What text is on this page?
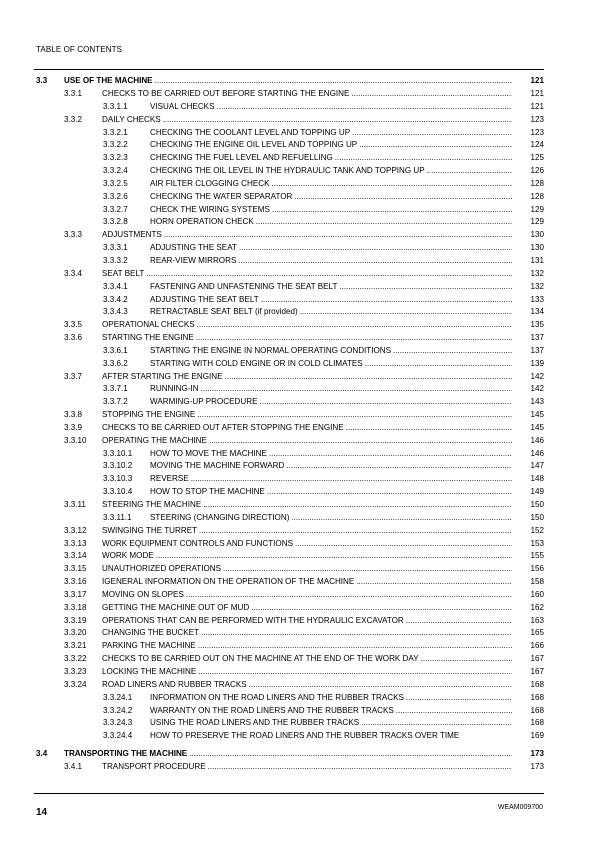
TABLE OF CONTENTS
3.3 USE OF THE MACHINE .....	121
3.3.1 CHECKS TO BE CARRIED OUT BEFORE STARTING THE ENGINE .....	121
3.3.1.1	VISUAL CHECKS .....	121
3.3.2 DAILY CHECKS .....	123
3.3.2.1	CHECKING THE COOLANT LEVEL AND TOPPING UP .....	123
3.3.2.2	CHECKING THE ENGINE OIL LEVEL AND TOPPING UP .....	124
3.3.2.3	CHECKING THE FUEL LEVEL AND REFUELLING .....	125
3.3.2.4	CHECKING THE OIL LEVEL IN THE HYDRAULIC TANK AND TOPPING UP .....	126
3.3.2.5	AIR FILTER CLOGGING CHECK .....	128
3.3.2.6	CHECKING THE WATER SEPARATOR .....	128
3.3.2.7	CHECK THE WIRING SYSTEMS .....	129
3.3.2.8	HORN OPERATION CHECK .....	129
3.3.3 ADJUSTMENTS .....	130
3.3.3.1	ADJUSTING THE SEAT .....	130
3.3.3.2	REAR-VIEW MIRRORS .....	131
3.3.4 SEAT BELT .....	132
3.3.4.1	FASTENING AND UNFASTENING THE SEAT BELT .....	132
3.3.4.2	ADJUSTING THE SEAT BELT .....	133
3.3.4.3	RETRACTABLE SEAT BELT (if provided) .....	134
3.3.5 OPERATIONAL CHECKS .....	135
3.3.6 STARTING THE ENGINE .....	137
3.3.6.1	STARTING THE ENGINE IN NORMAL OPERATING CONDITIONS .....	137
3.3.6.2	STARTING WITH COLD ENGINE OR IN COLD CLIMATES .....	139
3.3.7 AFTER STARTING THE ENGINE .....	142
3.3.7.1	RUNNING-IN .....	142
3.3.7.2	WARMING-UP PROCEDURE .....	143
3.3.8 STOPPING THE ENGINE .....	145
3.3.9 CHECKS TO BE CARRIED OUT AFTER STOPPING THE ENGINE .....	145
3.3.10 OPERATING THE MACHINE .....	146
3.3.10.1 HOW TO MOVE THE MACHINE .....	146
3.3.10.2 MOVING THE MACHINE FORWARD .....	147
3.3.10.3 REVERSE .....	148
3.3.10.4 HOW TO STOP THE MACHINE .....	149
3.3.11 STEERING THE MACHINE .....	150
3.3.11.1 STEERING (CHANGING DIRECTION) .....	150
3.3.12 SWINGING THE TURRET .....	152
3.3.13 WORK EQUIPMENT CONTROLS AND FUNCTIONS .....	153
3.3.14 WORK MODE .....	155
3.3.15 UNAUTHORIZED OPERATIONS .....	156
3.3.16 IGENERAL INFORMATION ON THE OPERATION OF THE MACHINE .....	158
3.3.17 MOVING ON SLOPES .....	160
3.3.18 GETTING THE MACHINE OUT OF MUD .....	162
3.3.19 OPERATIONS THAT CAN BE PERFORMED WITH THE HYDRAULIC EXCAVATOR .....	163
3.3.20 CHANGING THE BUCKET .....	165
3.3.21 PARKING THE MACHINE .....	166
3.3.22 CHECKS TO BE CARRIED OUT ON THE MACHINE AT THE END OF THE WORK DAY .....	167
3.3.23 LOCKING THE MACHINE .....	167
3.3.24 ROAD LINERS AND RUBBER TRACKS .....	168
3.3.24.1 INFORMATION ON THE ROAD LINERS AND THE RUBBER TRACKS .....	168
3.3.24.2 WARRANTY ON THE ROAD LINERS AND THE RUBBER TRACKS .....	168
3.3.24.3 USING THE ROAD LINERS AND THE RUBBER TRACKS .....	168
3.3.24.4 HOW TO PRESERVE THE ROAD LINERS AND THE RUBBER TRACKS OVER TIME	169
3.4 TRANSPORTING THE MACHINE .....	173
3.4.1 TRANSPORT PROCEDURE .....	173
14	WEAM009700
